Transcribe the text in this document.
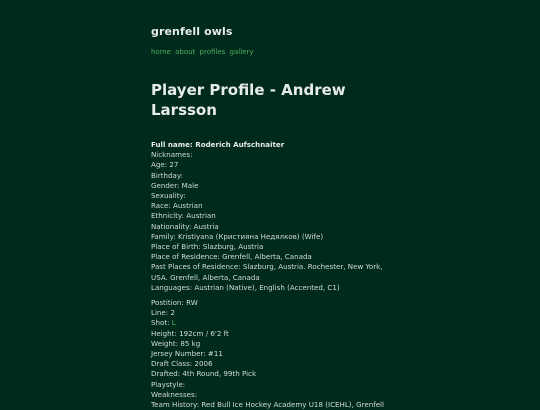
grenfell owls
home about profiles gallery
Player Profile - Andrew Larsson
Full name: Roderich Aufschnaiter
Nicknames:
Age: 27
Birthday:
Gender: Male
Sexuality:
Race: Austrian
Ethnicity: Austrian
Nationality: Austria
Family: Kristiyana (Кристияна Недялков) (Wife)
Place of Birth: Slazburg, Austria
Place of Residence: Grenfell, Alberta, Canada
Past Places of Residence: Slazburg, Austria. Rochester, New York, USA. Grenfell, Alberta, Canada
Languages: Austrian (Native), English (Accented, C1)
Postition: RW
Line: 2
Shot: L
Height: 192cm / 6'2 ft
Weight: 85 kg
Jersey Number: #11
Draft Class: 2006
Drafted: 4th Round, 99th Pick
Playstyle:
Weaknesses:
Team History: Red Bull Ice Hockey Academy U18 (ICEHL), Grenfell
